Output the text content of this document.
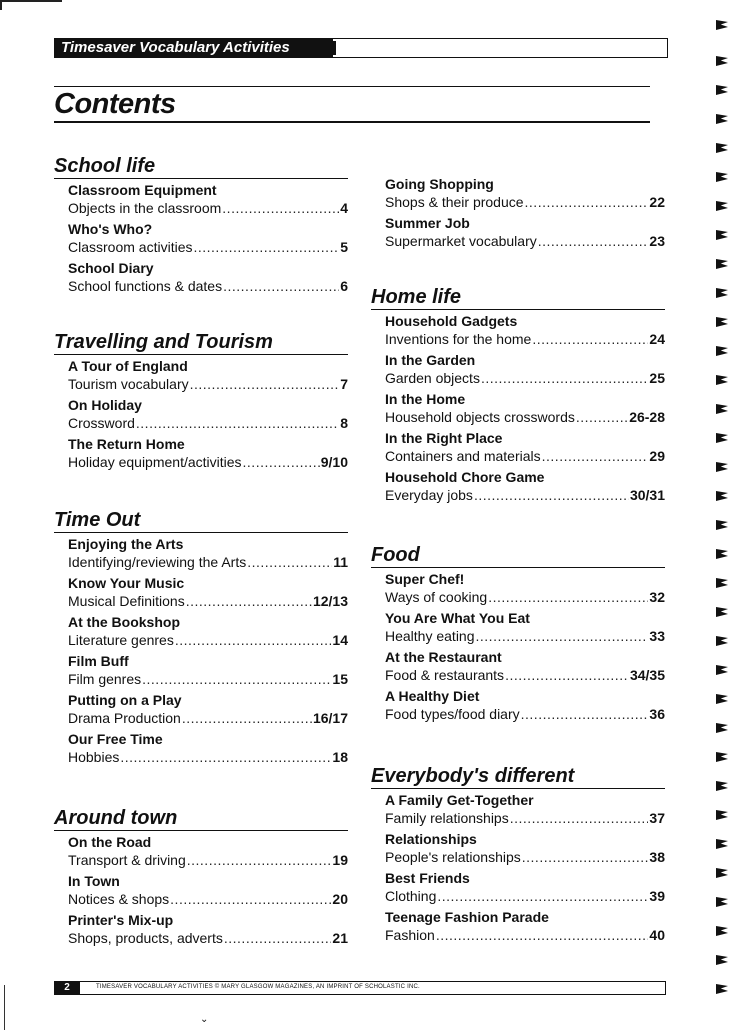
Timesaver Vocabulary Activities
Contents
School life
Classroom Equipment
Objects in the classroom .....	4
Who's Who?
Classroom activities .....	5
School Diary
School functions & dates .....	6
Travelling and Tourism
A Tour of England
Tourism vocabulary .....	7
On Holiday
Crossword .....	8
The Return Home
Holiday equipment/activities .....	9/10
Time Out
Enjoying the Arts
Identifying/reviewing the Arts .....	11
Know Your Music
Musical Definitions .....	12/13
At the Bookshop
Literature genres .....	14
Film Buff
Film genres .....	15
Putting on a Play
Drama Production .....	16/17
Our Free Time
Hobbies .....	18
Around town
On the Road
Transport & driving .....	19
In Town
Notices & shops .....	20
Printer's Mix-up
Shops, products, adverts .....	21
Going Shopping
Shops & their produce .....	22
Summer Job
Supermarket vocabulary .....	23
Home life
Household Gadgets
Inventions for the home .....	24
In the Garden
Garden objects .....	25
In the Home
Household objects crosswords .....	26-28
In the Right Place
Containers and materials .....	29
Household Chore Game
Everyday jobs .....	30/31
Food
Super Chef!
Ways of cooking .....	32
You Are What You Eat
Healthy eating .....	33
At the Restaurant
Food & restaurants .....	34/35
A Healthy Diet
Food types/food diary .....	36
Everybody's different
A Family Get-Together
Family relationships .....	37
Relationships
People's relationships .....	38
Best Friends
Clothing .....	39
Teenage Fashion Parade
Fashion .....	40
2	TIMESAVER VOCABULARY ACTIVITIES © MARY GLASGOW MAGAZINES, AN IMPRINT OF SCHOLASTIC INC.
⌄
